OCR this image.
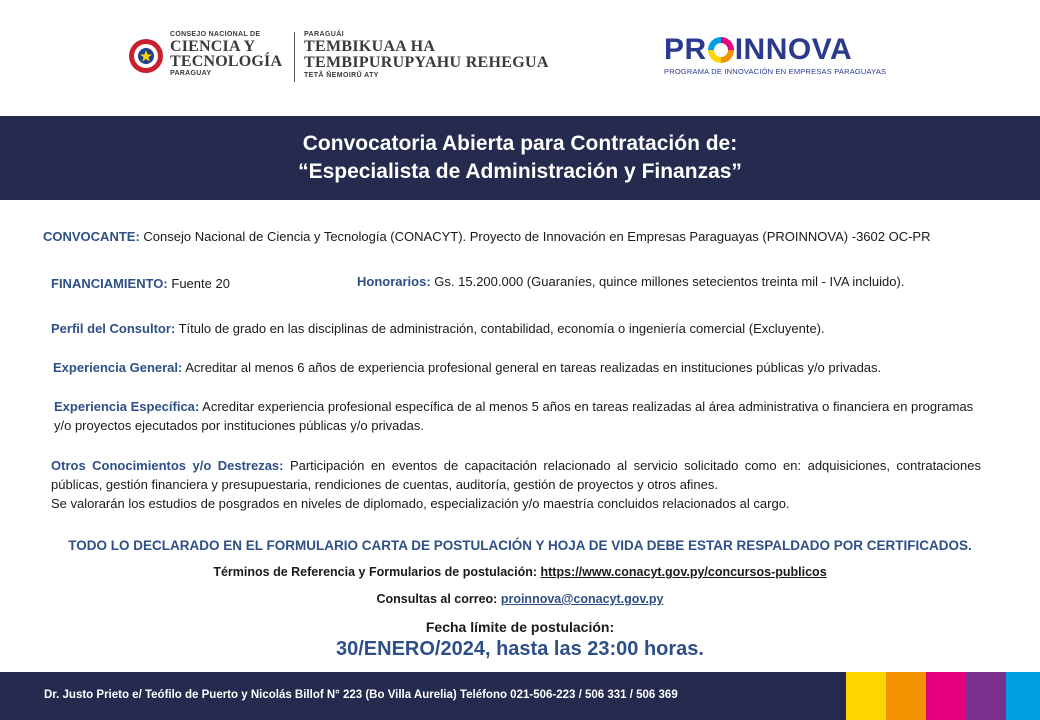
CONSEJO NACIONAL DE
CIENCIA Y
TECNOLOGÍA
PARAGUAY
PARAGUÁI
TEMBIKUAA HA
TEMBIPURUPYAHU REHEGUA
TETÃ ÑEMOIRŨ ATY
PR INNOVA
PROGRAMA DE INNOVACIÓN EN EMPRESAS PARAGUAYAS
Convocatoria Abierta para Contratación de:
“Especialista de Administración y Finanzas”
CONVOCANTE: Consejo Nacional de Ciencia y Tecnología (CONACYT). Proyecto de Innovación en Empresas Paraguayas (PROINNOVA) -3602 OC-PR
FINANCIAMIENTO: Fuente 20	Honorarios: Gs. 15.200.000 (Guaraníes, quince millones setecientos treinta mil - IVA incluido).
Perfil del Consultor: Título de grado en las disciplinas de administración, contabilidad, economía o ingeniería comercial (Excluyente).
Experiencia General: Acreditar al menos 6 años de experiencia profesional general en tareas realizadas en instituciones públicas y/o privadas.
Experiencia Específica: Acreditar experiencia profesional específica de al menos 5 años en tareas realizadas al área administrativa o financiera en programas y/o proyectos ejecutados por instituciones públicas y/o privadas.
Otros Conocimientos y/o Destrezas: Participación en eventos de capacitación relacionado al servicio solicitado como en: adquisiciones, contrataciones públicas, gestión financiera y presupuestaria, rendiciones de cuentas, auditoría, gestión de proyectos y otros afines.
Se valorarán los estudios de posgrados en niveles de diplomado, especialización y/o maestría concluidos relacionados al cargo.
TODO LO DECLARADO EN EL FORMULARIO CARTA DE POSTULACIÓN Y HOJA DE VIDA DEBE ESTAR RESPALDADO POR CERTIFICADOS.
Términos de Referencia y Formularios de postulación: https://www.conacyt.gov.py/concursos-publicos
Consultas al correo: proinnova@conacyt.gov.py
Fecha límite de postulación:
30/ENERO/2024, hasta las 23:00 horas.
Dr. Justo Prieto e/ Teófilo de Puerto y Nicolás Billof N° 223 (Bo Villa Aurelia) Teléfono 021-506-223 / 506 331 / 506 369
